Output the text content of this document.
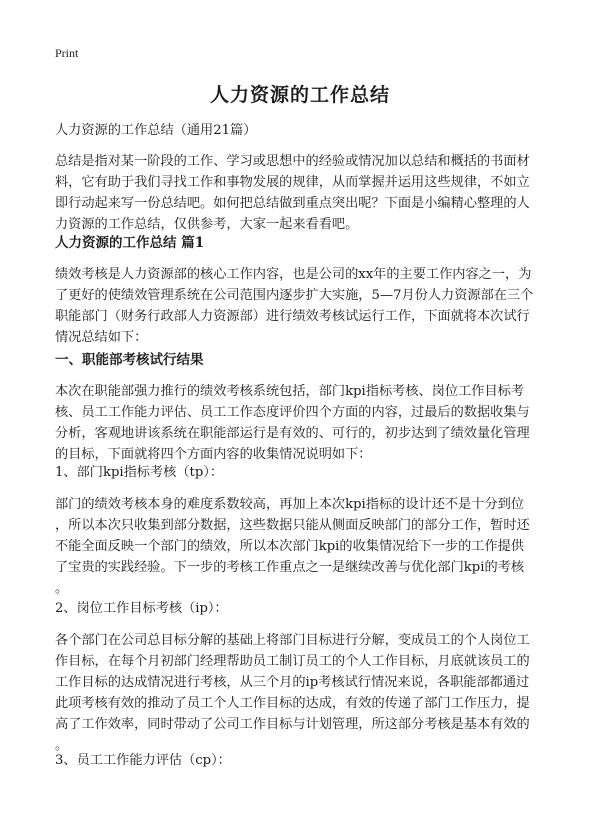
Print
人力资源的工作总结
人力资源的工作总结（通用21篇）
总结是指对某一阶段的工作、学习或思想中的经验或情况加以总结和概括的书面材
料，它有助于我们寻找工作和事物发展的规律，从而掌握并运用这些规律，不如立
即行动起来写一份总结吧。如何把总结做到重点突出呢？下面是小编精心整理的人
力资源的工作总结，仅供参考，大家一起来看看吧。
人力资源的工作总结 篇1
绩效考核是人力资源部的核心工作内容，也是公司的xx年的主要工作内容之一，为
了更好的使绩效管理系统在公司范围内逐步扩大实施，5—7月份人力资源部在三个
职能部门（财务行政部人力资源部）进行绩效考核试运行工作，下面就将本次试行
情况总结如下：
一、职能部考核试行结果
本次在职能部强力推行的绩效考核系统包括，部门kpi指标考核、岗位工作目标考
核、员工工作能力评估、员工工作态度评价四个方面的内容，过最后的数据收集与
分析，客观地讲该系统在职能部运行是有效的、可行的，初步达到了绩效量化管理
的目标，下面就将四个方面内容的收集情况说明如下：
1、部门kpi指标考核（tp）：
部门的绩效考核本身的难度系数较高，再加上本次kpi指标的设计还不是十分到位
，所以本次只收集到部分数据，这些数据只能从侧面反映部门的部分工作，暂时还
不能全面反映一个部门的绩效，所以本次部门kpi的收集情况给下一步的工作提供
了宝贵的实践经验。下一步的考核工作重点之一是继续改善与优化部门kpi的考核
。
2、岗位工作目标考核（ip）：
各个部门在公司总目标分解的基础上将部门目标进行分解，变成员工的个人岗位工
作目标，在每个月初部门经理帮助员工制订员工的个人工作目标，月底就该员工的
工作目标的达成情况进行考核，从三个月的ip考核试行情况来说，各职能部都通过
此项考核有效的推动了员工个人工作目标的达成，有效的传递了部门工作压力，提
高了工作效率，同时带动了公司工作目标与计划管理，所这部分考核是基本有效的
。
3、员工工作能力评估（cp）：
